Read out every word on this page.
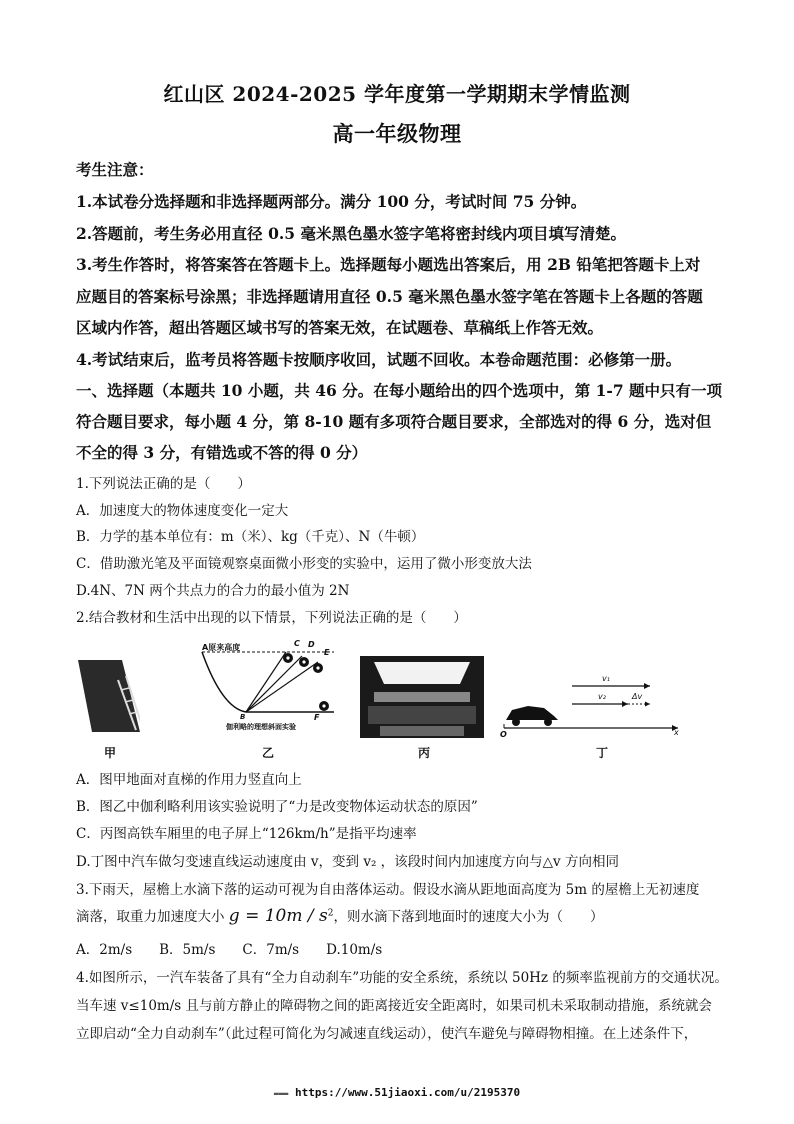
红山区 2024-2025 学年度第一学期期末学情监测
高一年级物理
考生注意：
1.本试卷分选择题和非选择题两部分。满分 100 分，考试时间 75 分钟。
2.答题前，考生务必用直径 0.5 毫米黑色墨水签字笔将密封线内项目填写清楚。
3.考生作答时，将答案答在答题卡上。选择题每小题选出答案后，用 2B 铅笔把答题卡上对
应题目的答案标号涂黑；非选择题请用直径 0.5 毫米黑色墨水签字笔在答题卡上各题的答题
区域内作答，超出答题区域书写的答案无效，在试题卷、草稿纸上作答无效。
4.考试结束后，监考员将答题卡按顺序收回，试题不回收。本卷命题范围：必修第一册。
一、选择题（本题共 10 小题，共 46 分。在每小题给出的四个选项中，第 1-7 题中只有一项
符合题目要求，每小题 4 分，第 8-10 题有多项符合题目要求，全部选对的得 6 分，选对但
不全的得 3 分，有错选或不答的得 0 分）
1.下列说法正确的是（　　）
A．加速度大的物体速度变化一定大
B．力学的基本单位有：m（米）、kg（千克）、N（牛顿）
C．借助激光笔及平面镜观察桌面微小形变的实验中，运用了微小形变放大法
D.4N、7N 两个共点力的合力的最小值为 2N
2.结合教材和生活中出现的以下情景，下列说法正确的是（　　）
甲
A原来高度
B
C D
E
F
伽利略的理想斜面实验
乙	丙
v₁
v₂	Δv
O	x
丁
A．图甲地面对直梯的作用力竖直向上
B．图乙中伽利略利用该实验说明了“力是改变物体运动状态的原因”
C．丙图高铁车厢里的电子屏上“126km/h”是指平均速率
D.丁图中汽车做匀变速直线运动速度由 v，变到 v₂ ，该段时间内加速度方向与△v 方向相同
3.下雨天，屋檐上水滴下落的运动可视为自由落体运动。假设水滴从距地面高度为 5m 的屋檐上无初速度
滴落，取重力加速度大小 $g = 10m / s^2$，则水滴下落到地面时的速度大小为（　　）
A．2m/s　　B．5m/s　　C．7m/s　　D.10m/s
4.如图所示，一汽车装备了具有“全力自动刹车”功能的安全系统，系统以 50Hz 的频率监视前方的交通状况。
当车速 v≤10m/s 且与前方静止的障碍物之间的距离接近安全距离时，如果司机未采取制动措施，系统就会
立即启动“全力自动刹车”（此过程可简化为匀减速直线运动），使汽车避免与障碍物相撞。在上述条件下，
▬▬▬ https://www.51jiaoxi.com/u/2195370
